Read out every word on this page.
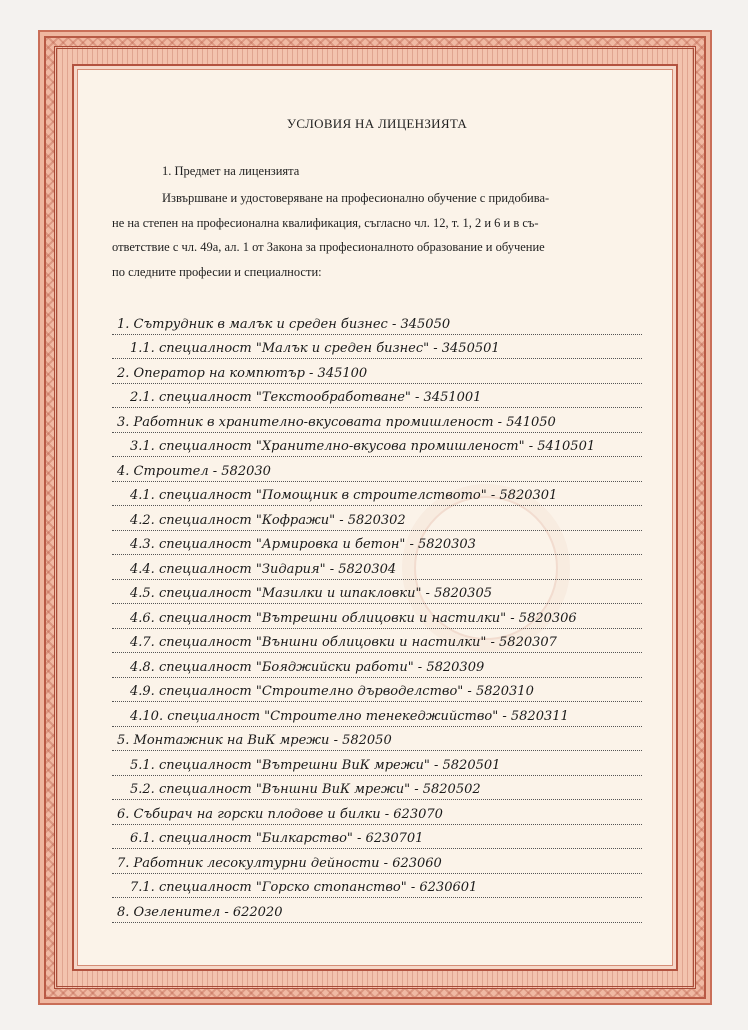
УСЛОВИЯ НА ЛИЦЕНЗИЯТА
1. Предмет на лицензията
Извършване и удостоверяване на професионално обучение с придобива-
не на степен на професионална квалификация, съгласно чл. 12, т. 1, 2 и 6 и в съ-
ответствие с чл. 49а, ал. 1 от Закона за професионалното образование и обучение
по следните професии и специалности:
1. Сътрудник в малък и среден бизнес - 345050
1.1. специалност "Малък и среден бизнес" - 3450501
2. Оператор на компютър - 345100
2.1. специалност "Текстообработване" - 3451001
3. Работник в хранително-вкусовата промишленост - 541050
3.1. специалност "Хранително-вкусова промишленост" - 5410501
4. Строител - 582030
4.1. специалност "Помощник в строителството" - 5820301
4.2. специалност "Кофражи" - 5820302
4.3. специалност "Армировка и бетон" - 5820303
4.4. специалност "Зидария" - 5820304
4.5. специалност "Мазилки и шпакловки" - 5820305
4.6. специалност "Вътрешни облицовки и настилки" - 5820306
4.7. специалност "Външни облицовки и настилки" - 5820307
4.8. специалност "Бояджийски работи" - 5820309
4.9. специалност "Строително дърводелство" - 5820310
4.10. специалност "Строително тенекеджийство" - 5820311
5. Монтажник на ВиК мрежи - 582050
5.1. специалност "Вътрешни ВиК мрежи" - 5820501
5.2. специалност "Външни ВиК мрежи" - 5820502
6. Събирач на горски плодове и билки - 623070
6.1. специалност "Билкарство" - 6230701
7. Работник лесокултурни дейности - 623060
7.1. специалност "Горско стопанство" - 6230601
8. Озеленител - 622020
